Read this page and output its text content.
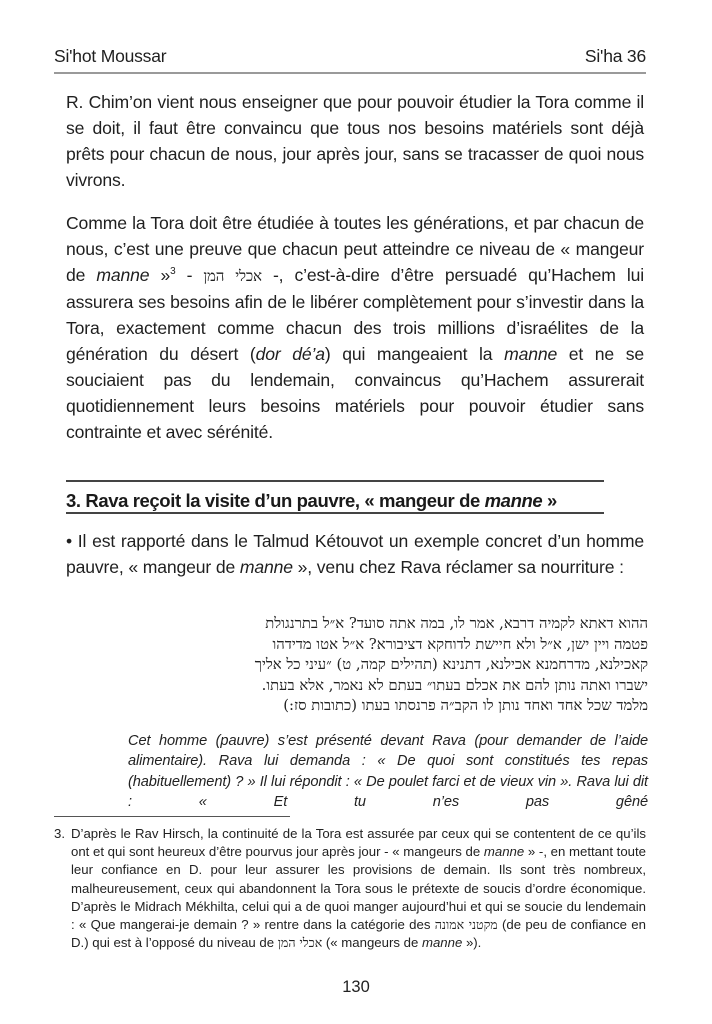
Si'hot Moussar	Si'ha 36

R. Chim’on vient nous enseigner que pour pouvoir étudier la Tora comme il se doit, il faut être convaincu que tous nos besoins matériels sont déjà prêts pour chacun de nous, jour après jour, sans se tracasser de quoi nous vivrons.

Comme la Tora doit être étudiée à toutes les générations, et par chacun de nous, c’est une preuve que chacun peut atteindre ce niveau de « mangeur de manne »$^3$ - אכלי המן -, c’est-à-dire d’être persuadé qu’Hachem lui assurera ses besoins afin de le libérer complètement pour s’investir dans la Tora, exactement comme chacun des trois millions d’israélites de la génération du désert (dor dé’a) qui mangeaient la manne et ne se souciaient pas du lendemain, convaincus qu’Hachem assurerait quotidiennement leurs besoins matériels pour pouvoir étudier sans contrainte et avec sérénité.

3. Rava reçoit la visite d’un pauvre, « mangeur de manne »

• Il est rapporté dans le Talmud Kétouvot un exemple concret d’un homme pauvre, « mangeur de manne », venu chez Rava réclamer sa nourriture :

ההוא דאתא לקמיה דרבא, אמר לו, במה אתה סועד? א״ל בתרנגולת
פטמה ויין ישן, א״ל ולא חיישת לדוחקא דציבורא? א״ל אטו מדידהו
קאכילנא, מדרחמנא אכילנא, דתנינא (תהילים קמה, ט) ״עיני כל אליך
ישברו ואתה נותן להם את אכלם בעתו״ בעתם לא נאמר, אלא בעתו.
מלמד שכל אחד ואחד נותן לו הקב״ה פרנסתו בעתו (כתובות סז:)
Cet homme (pauvre) s’est présenté devant Rava (pour demander de l’aide alimentaire). Rava lui demanda : « De quoi sont constitués tes repas (habituellement) ? » Il lui répondit : « De poulet farci et de vieux vin ». Rava lui dit : « Et tu n’es pas gêné
3. D’après le Rav Hirsch, la continuité de la Tora est assurée par ceux qui se contentent de ce qu’ils ont et qui sont heureux d’être pourvus jour après jour - « mangeurs de manne » -, en mettant toute leur confiance en D. pour leur assurer les provisions de demain. Ils sont très nombreux, malheureusement, ceux qui abandonnent la Tora sous le prétexte de soucis d’ordre économique. D’après le Midrach Mékhilta, celui qui a de quoi manger aujourd’hui et qui se soucie du lendemain : « Que mangerai-je demain ? » rentre dans la catégorie des מקטני אמונה (de peu de confiance en D.) qui est à l’opposé du niveau de אכלי המן (« mangeurs de manne »).
130
